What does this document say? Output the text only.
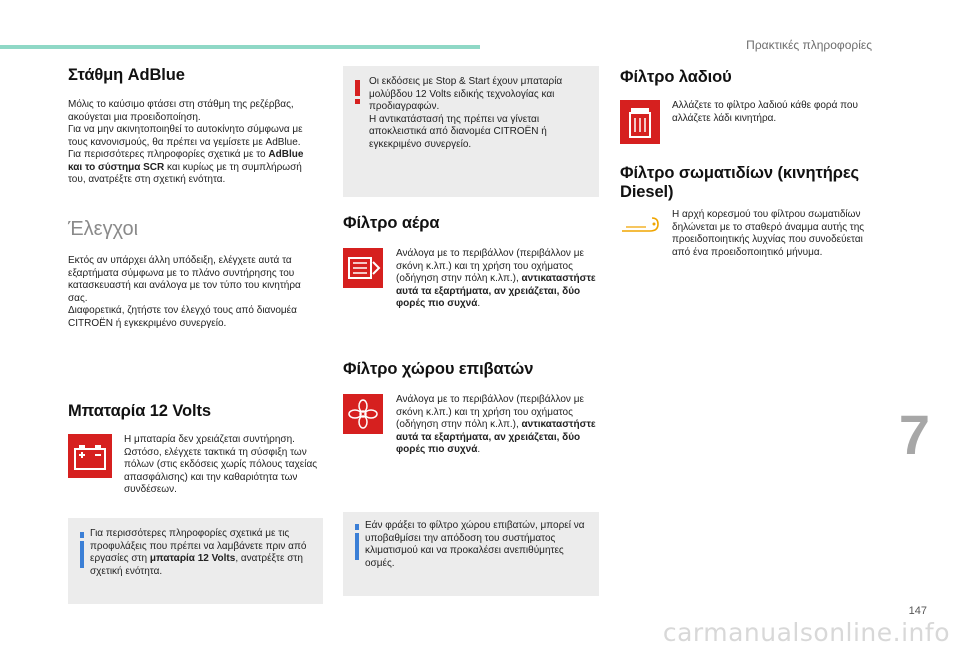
Πρακτικές πληροφορίες
Στάθμη AdBlue
Μόλις το καύσιμο φτάσει στη στάθμη της ρεζέρβας, ακούγεται μια προειδοποίηση.
Για να μην ακινητοποιηθεί το αυτοκίνητο σύμφωνα με τους κανονισμούς, θα πρέπει να γεμίσετε με AdBlue.
Για περισσότερες πληροφορίες σχετικά με το AdBlue και το σύστημα SCR και κυρίως με τη συμπλήρωσή του, ανατρέξτε στη σχετική ενότητα.
Έλεγχοι
Εκτός αν υπάρχει άλλη υπόδειξη, ελέγχετε αυτά τα εξαρτήματα σύμφωνα με το πλάνο συντήρησης του κατασκευαστή και ανάλογα με τον τύπο του κινητήρα σας.
Διαφορετικά, ζητήστε τον έλεγχό τους από διανομέα CITROËN ή εγκεκριμένο συνεργείο.
Μπαταρία 12 Volts
Η μπαταρία δεν χρειάζεται συντήρηση. Ωστόσο, ελέγχετε τακτικά τη σύσφιξη των πόλων (στις εκδόσεις χωρίς πόλους ταχείας απασφάλισης) και την καθαριότητα των συνδέσεων.
Για περισσότερες πληροφορίες σχετικά με τις προφυλάξεις που πρέπει να λαμβάνετε πριν από εργασίες στη μπαταρία 12 Volts, ανατρέξτε στη σχετική ενότητα.
Οι εκδόσεις με Stop & Start έχουν μπαταρία μολύβδου 12 Volts ειδικής τεχνολογίας και προδιαγραφών.
Η αντικατάστασή της πρέπει να γίνεται αποκλειστικά από διανομέα CITROËN ή εγκεκριμένο συνεργείο.
Φίλτρο αέρα
Ανάλογα με το περιβάλλον (περιβάλλον με σκόνη κ.λπ.) και τη χρήση του οχήματος (οδήγηση στην πόλη κ.λπ.), αντικαταστήστε αυτά τα εξαρτήματα, αν χρειάζεται, δύο φορές πιο συχνά.
Φίλτρο χώρου επιβατών
Ανάλογα με το περιβάλλον (περιβάλλον με σκόνη κ.λπ.) και τη χρήση του οχήματος (οδήγηση στην πόλη κ.λπ.), αντικαταστήστε αυτά τα εξαρτήματα, αν χρειάζεται, δύο φορές πιο συχνά.
Εάν φράξει το φίλτρο χώρου επιβατών, μπορεί να υποβαθμίσει την απόδοση του συστήματος κλιματισμού και να προκαλέσει ανεπιθύμητες οσμές.
Φίλτρο λαδιού
Αλλάζετε το φίλτρο λαδιού κάθε φορά που αλλάζετε λάδι κινητήρα.
Φίλτρο σωματιδίων (κινητήρες
Diesel)
Η αρχή κορεσμού του φίλτρου σωματιδίων δηλώνεται με το σταθερό άναμμα αυτής της προειδοποιητικής λυχνίας που συνοδεύεται από ένα προειδοποιητικό μήνυμα.
7
147
carmanualsonline.info
